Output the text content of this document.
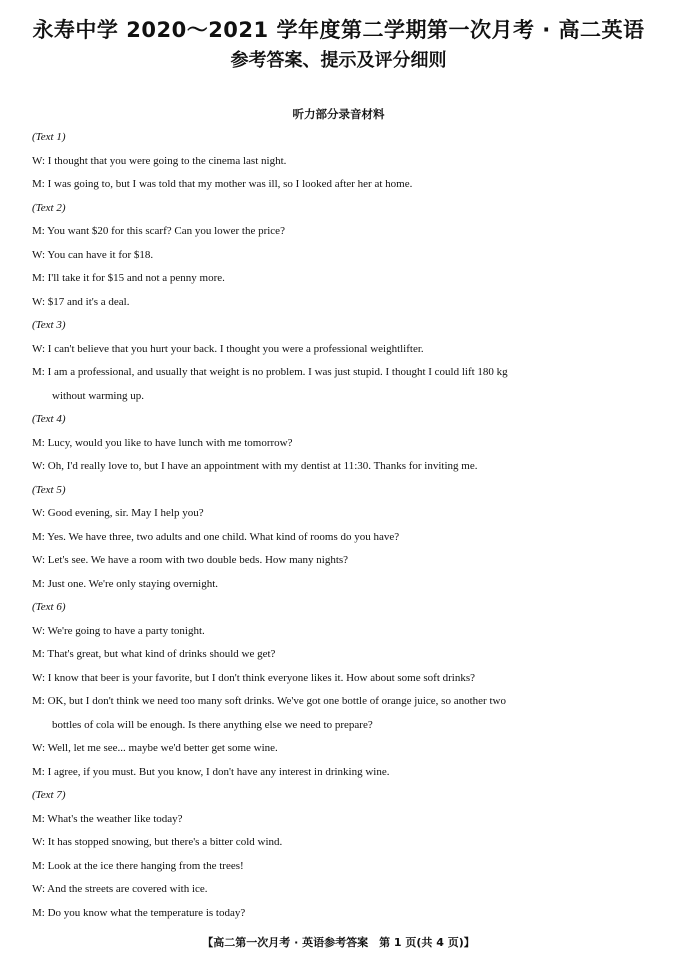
永寿中学 2020～2021 学年度第二学期第一次月考 · 高二英语
参考答案、提示及评分细则
听力部分录音材料
(Text 1)
W: I thought that you were going to the cinema last night.
M: I was going to, but I was told that my mother was ill, so I looked after her at home.
(Text 2)
M: You want $20 for this scarf? Can you lower the price?
W: You can have it for $18.
M: I'll take it for $15 and not a penny more.
W: $17 and it's a deal.
(Text 3)
W: I can't believe that you hurt your back. I thought you were a professional weightlifter.
M: I am a professional, and usually that weight is no problem. I was just stupid. I thought I could lift 180 kg
without warming up.
(Text 4)
M: Lucy, would you like to have lunch with me tomorrow?
W: Oh, I'd really love to, but I have an appointment with my dentist at 11:30. Thanks for inviting me.
(Text 5)
W: Good evening, sir. May I help you?
M: Yes. We have three, two adults and one child. What kind of rooms do you have?
W: Let's see. We have a room with two double beds. How many nights?
M: Just one. We're only staying overnight.
(Text 6)
W: We're going to have a party tonight.
M: That's great, but what kind of drinks should we get?
W: I know that beer is your favorite, but I don't think everyone likes it. How about some soft drinks?
M: OK, but I don't think we need too many soft drinks. We've got one bottle of orange juice, so another two
bottles of cola will be enough. Is there anything else we need to prepare?
W: Well, let me see... maybe we'd better get some wine.
M: I agree, if you must. But you know, I don't have any interest in drinking wine.
(Text 7)
M: What's the weather like today?
W: It has stopped snowing, but there's a bitter cold wind.
M: Look at the ice there hanging from the trees!
W: And the streets are covered with ice.
M: Do you know what the temperature is today?
【高二第一次月考 · 英语参考答案　第 1 页(共 4 页)】
